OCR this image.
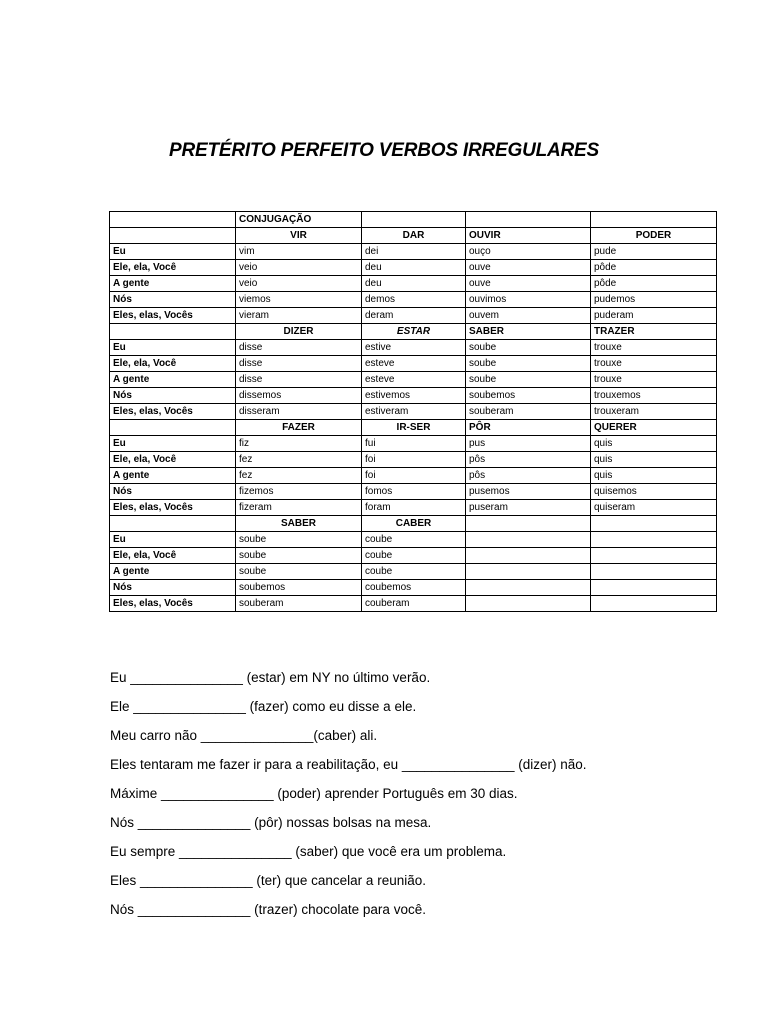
PRETÉRITO PERFEITO VERBOS IRREGULARES
	CONJUGAÇÃO			
	VIR	DAR	OUVIR	PODER
Eu	vim	dei	ouço	pude
Ele, ela, Você	veio	deu	ouve	pôde
A gente	veio	deu	ouve	pôde
Nós	viemos	demos	ouvimos	pudemos
Eles, elas, Vocês	vieram	deram	ouvem	puderam
	DIZER	ESTAR	SABER	TRAZER
Eu	disse	estive	soube	trouxe
Ele, ela, Você	disse	esteve	soube	trouxe
A gente	disse	esteve	soube	trouxe
Nós	dissemos	estivemos	soubemos	trouxemos
Eles, elas, Vocês	disseram	estiveram	souberam	trouxeram
	FAZER	IR-SER	PÔR	QUERER
Eu	fiz	fui	pus	quis
Ele, ela, Você	fez	foi	pôs	quis
A gente	fez	foi	pôs	quis
Nós	fizemos	fomos	pusemos	quisemos
Eles, elas, Vocês	fizeram	foram	puseram	quiseram
	SABER	CABER		
Eu	soube	coube		
Ele, ela, Você	soube	coube		
A gente	soube	coube		
Nós	soubemos	coubemos		
Eles, elas, Vocês	souberam	couberam		

Eu _______________ (estar) em NY no último verão.

Ele _______________ (fazer) como eu disse a ele.

Meu carro não _______________(caber) ali.

Eles tentaram me fazer ir para a reabilitação, eu _______________ (dizer) não.

Máxime _______________ (poder) aprender Português em 30 dias.

Nós _______________ (pôr) nossas bolsas na mesa.

Eu sempre _______________ (saber) que você era um problema.

Eles _______________ (ter) que cancelar a reunião.

Nós _______________ (trazer) chocolate para você.
